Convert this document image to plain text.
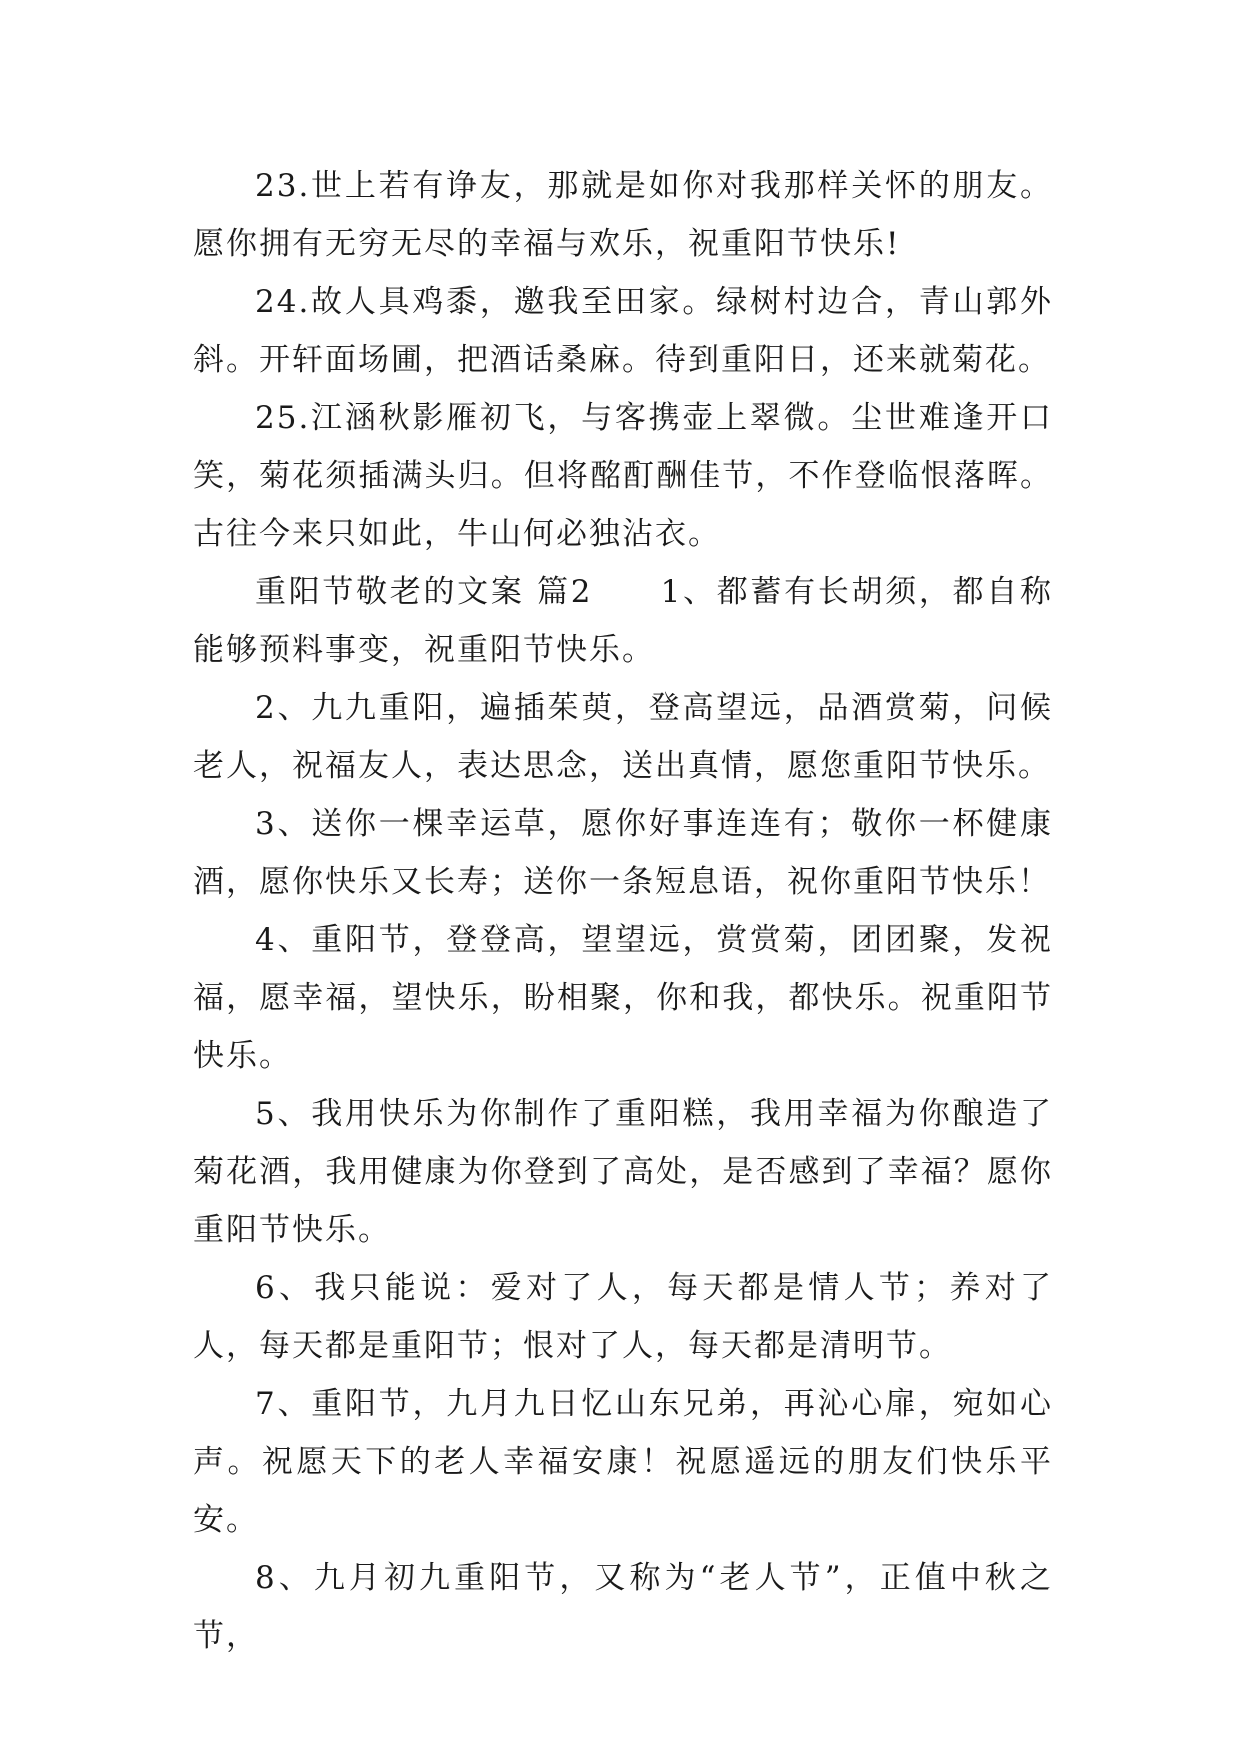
23.世上若有诤友，那就是如你对我那样关怀的朋友。愿你拥有无穷无尽的幸福与欢乐，祝重阳节快乐!

24.故人具鸡黍，邀我至田家。绿树村边合，青山郭外斜。开轩面场圃，把酒话桑麻。待到重阳日，还来就菊花。

25.江涵秋影雁初飞，与客携壶上翠微。尘世难逢开口笑，菊花须插满头归。但将酩酊酬佳节，不作登临恨落晖。古往今来只如此，牛山何必独沾衣。

重阳节敬老的文案 篇2　　1、都蓄有长胡须，都自称能够预料事变，祝重阳节快乐。

2、九九重阳，遍插茱萸，登高望远，品酒赏菊，问候老人，祝福友人，表达思念，送出真情，愿您重阳节快乐。

3、送你一棵幸运草，愿你好事连连有；敬你一杯健康酒，愿你快乐又长寿；送你一条短息语，祝你重阳节快乐！

4、重阳节，登登高，望望远，赏赏菊，团团聚，发祝福，愿幸福，望快乐，盼相聚，你和我，都快乐。祝重阳节快乐。

5、我用快乐为你制作了重阳糕，我用幸福为你酿造了菊花酒，我用健康为你登到了高处，是否感到了幸福？愿你重阳节快乐。

6、我只能说：爱对了人，每天都是情人节；养对了人，每天都是重阳节；恨对了人，每天都是清明节。

7、重阳节，九月九日忆山东兄弟，再沁心扉，宛如心声。祝愿天下的老人幸福安康！祝愿遥远的朋友们快乐平安。

8、九月初九重阳节，又称为“老人节”，正值中秋之节，
